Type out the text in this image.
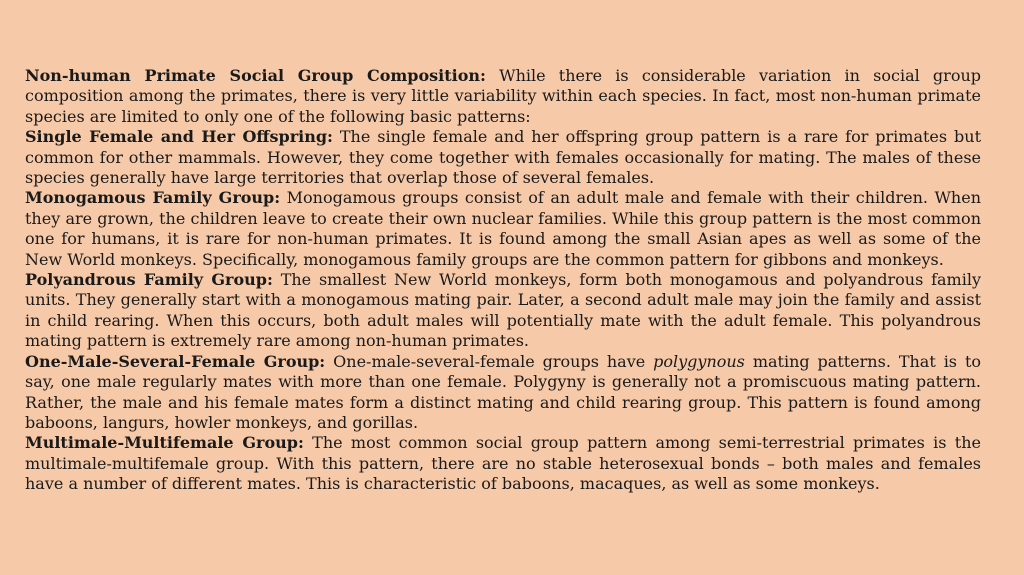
Non-human Primate Social Group Composition: While there is considerable variation in social group composition among the primates, there is very little variability within each species. In fact, most non-human primate species are limited to only one of the following basic patterns:

Single Female and Her Offspring: The single female and her offspring group pattern is a rare for primates but common for other mammals. However, they come together with females occasionally for mating. The males of these species generally have large territories that overlap those of several females.

Monogamous Family Group: Monogamous groups consist of an adult male and female with their children. When they are grown, the children leave to create their own nuclear families. While this group pattern is the most common one for humans, it is rare for non-human primates. It is found among the small Asian apes as well as some of the New World monkeys. Specifically, monogamous family groups are the common pattern for gibbons and monkeys.

Polyandrous Family Group: The smallest New World monkeys, form both monogamous and polyandrous family units. They generally start with a monogamous mating pair. Later, a second adult male may join the family and assist in child rearing. When this occurs, both adult males will potentially mate with the adult female. This polyandrous mating pattern is extremely rare among non-human primates.

One-Male-Several-Female Group: One-male-several-female groups have polygynous mating patterns. That is to say, one male regularly mates with more than one female. Polygyny is generally not a promiscuous mating pattern. Rather, the male and his female mates form a distinct mating and child rearing group. This pattern is found among baboons, langurs, howler monkeys, and gorillas.

Multimale-Multifemale Group: The most common social group pattern among semi-terrestrial primates is the multimale-multifemale group. With this pattern, there are no stable heterosexual bonds – both males and females have a number of different mates. This is characteristic of baboons, macaques, as well as some monkeys.
